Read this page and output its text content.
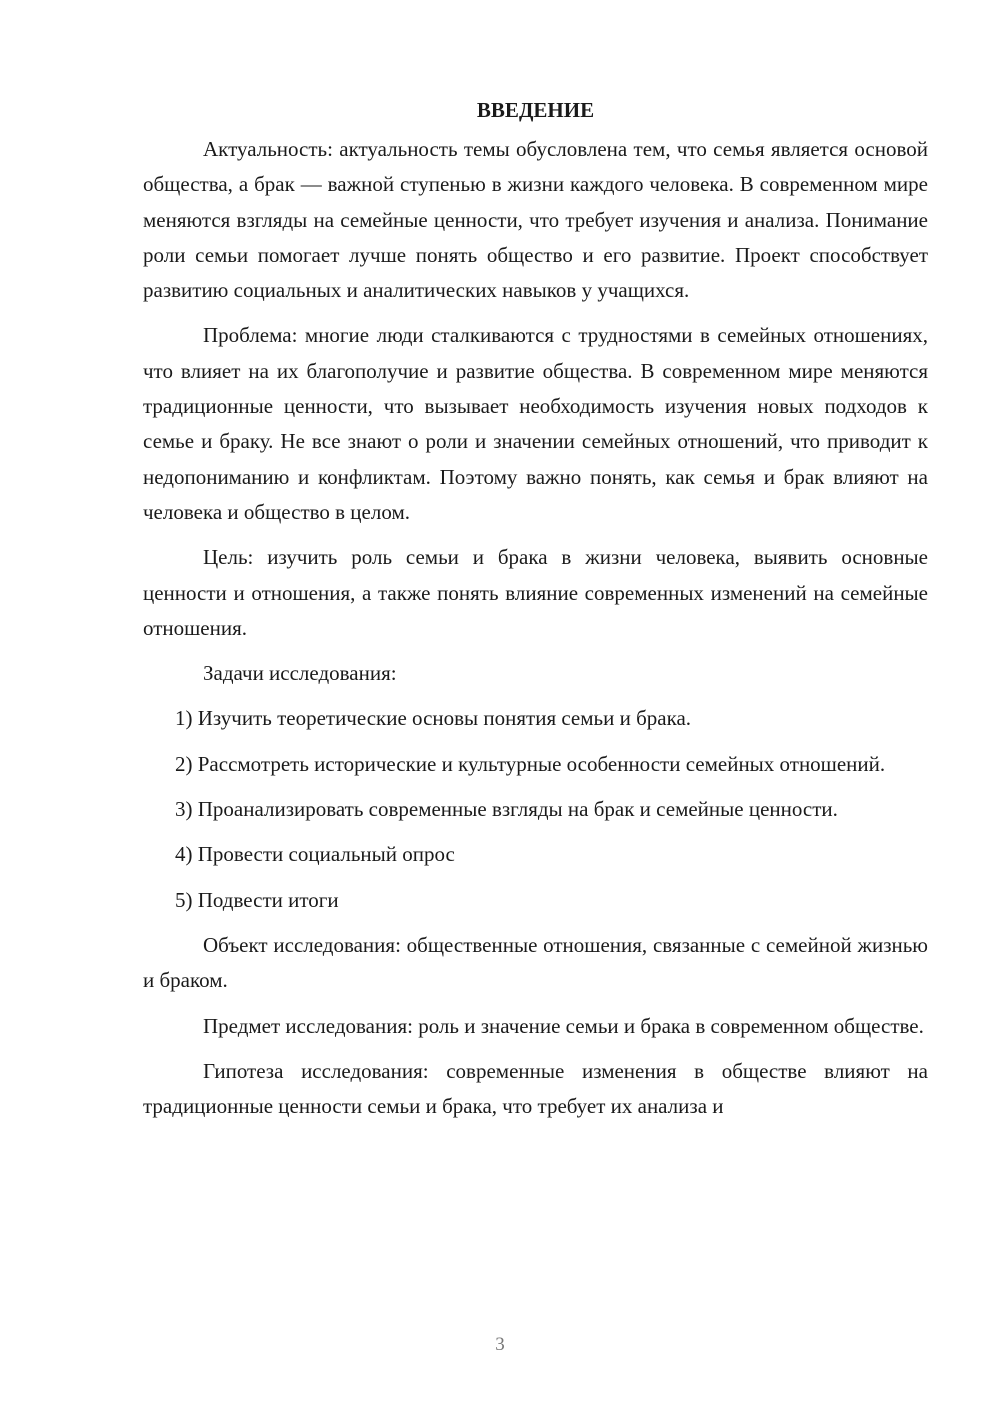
ВВЕДЕНИЕ

Актуальность: актуальность темы обусловлена тем, что семья является основой общества, а брак — важной ступенью в жизни каждого человека. В современном мире меняются взгляды на семейные ценности, что требует изучения и анализа. Понимание роли семьи помогает лучше понять общество и его развитие. Проект способствует развитию социальных и аналитических навыков у учащихся.

Проблема: многие люди сталкиваются с трудностями в семейных отношениях, что влияет на их благополучие и развитие общества. В современном мире меняются традиционные ценности, что вызывает необходимость изучения новых подходов к семье и браку. Не все знают о роли и значении семейных отношений, что приводит к недопониманию и конфликтам. Поэтому важно понять, как семья и брак влияют на человека и общество в целом.

Цель: изучить роль семьи и брака в жизни человека, выявить основные ценности и отношения, а также понять влияние современных изменений на семейные отношения.

Задачи исследования:

1) Изучить теоретические основы понятия семьи и брака.

2) Рассмотреть исторические и культурные особенности семейных отношений.

3) Проанализировать современные взгляды на брак и семейные ценности.

4) Провести социальный опрос

5) Подвести итоги

Объект исследования: общественные отношения, связанные с семейной жизнью и браком.

Предмет исследования: роль и значение семьи и брака в современном обществе.

Гипотеза исследования: современные изменения в обществе влияют на традиционные ценности семьи и брака, что требует их анализа и

3
